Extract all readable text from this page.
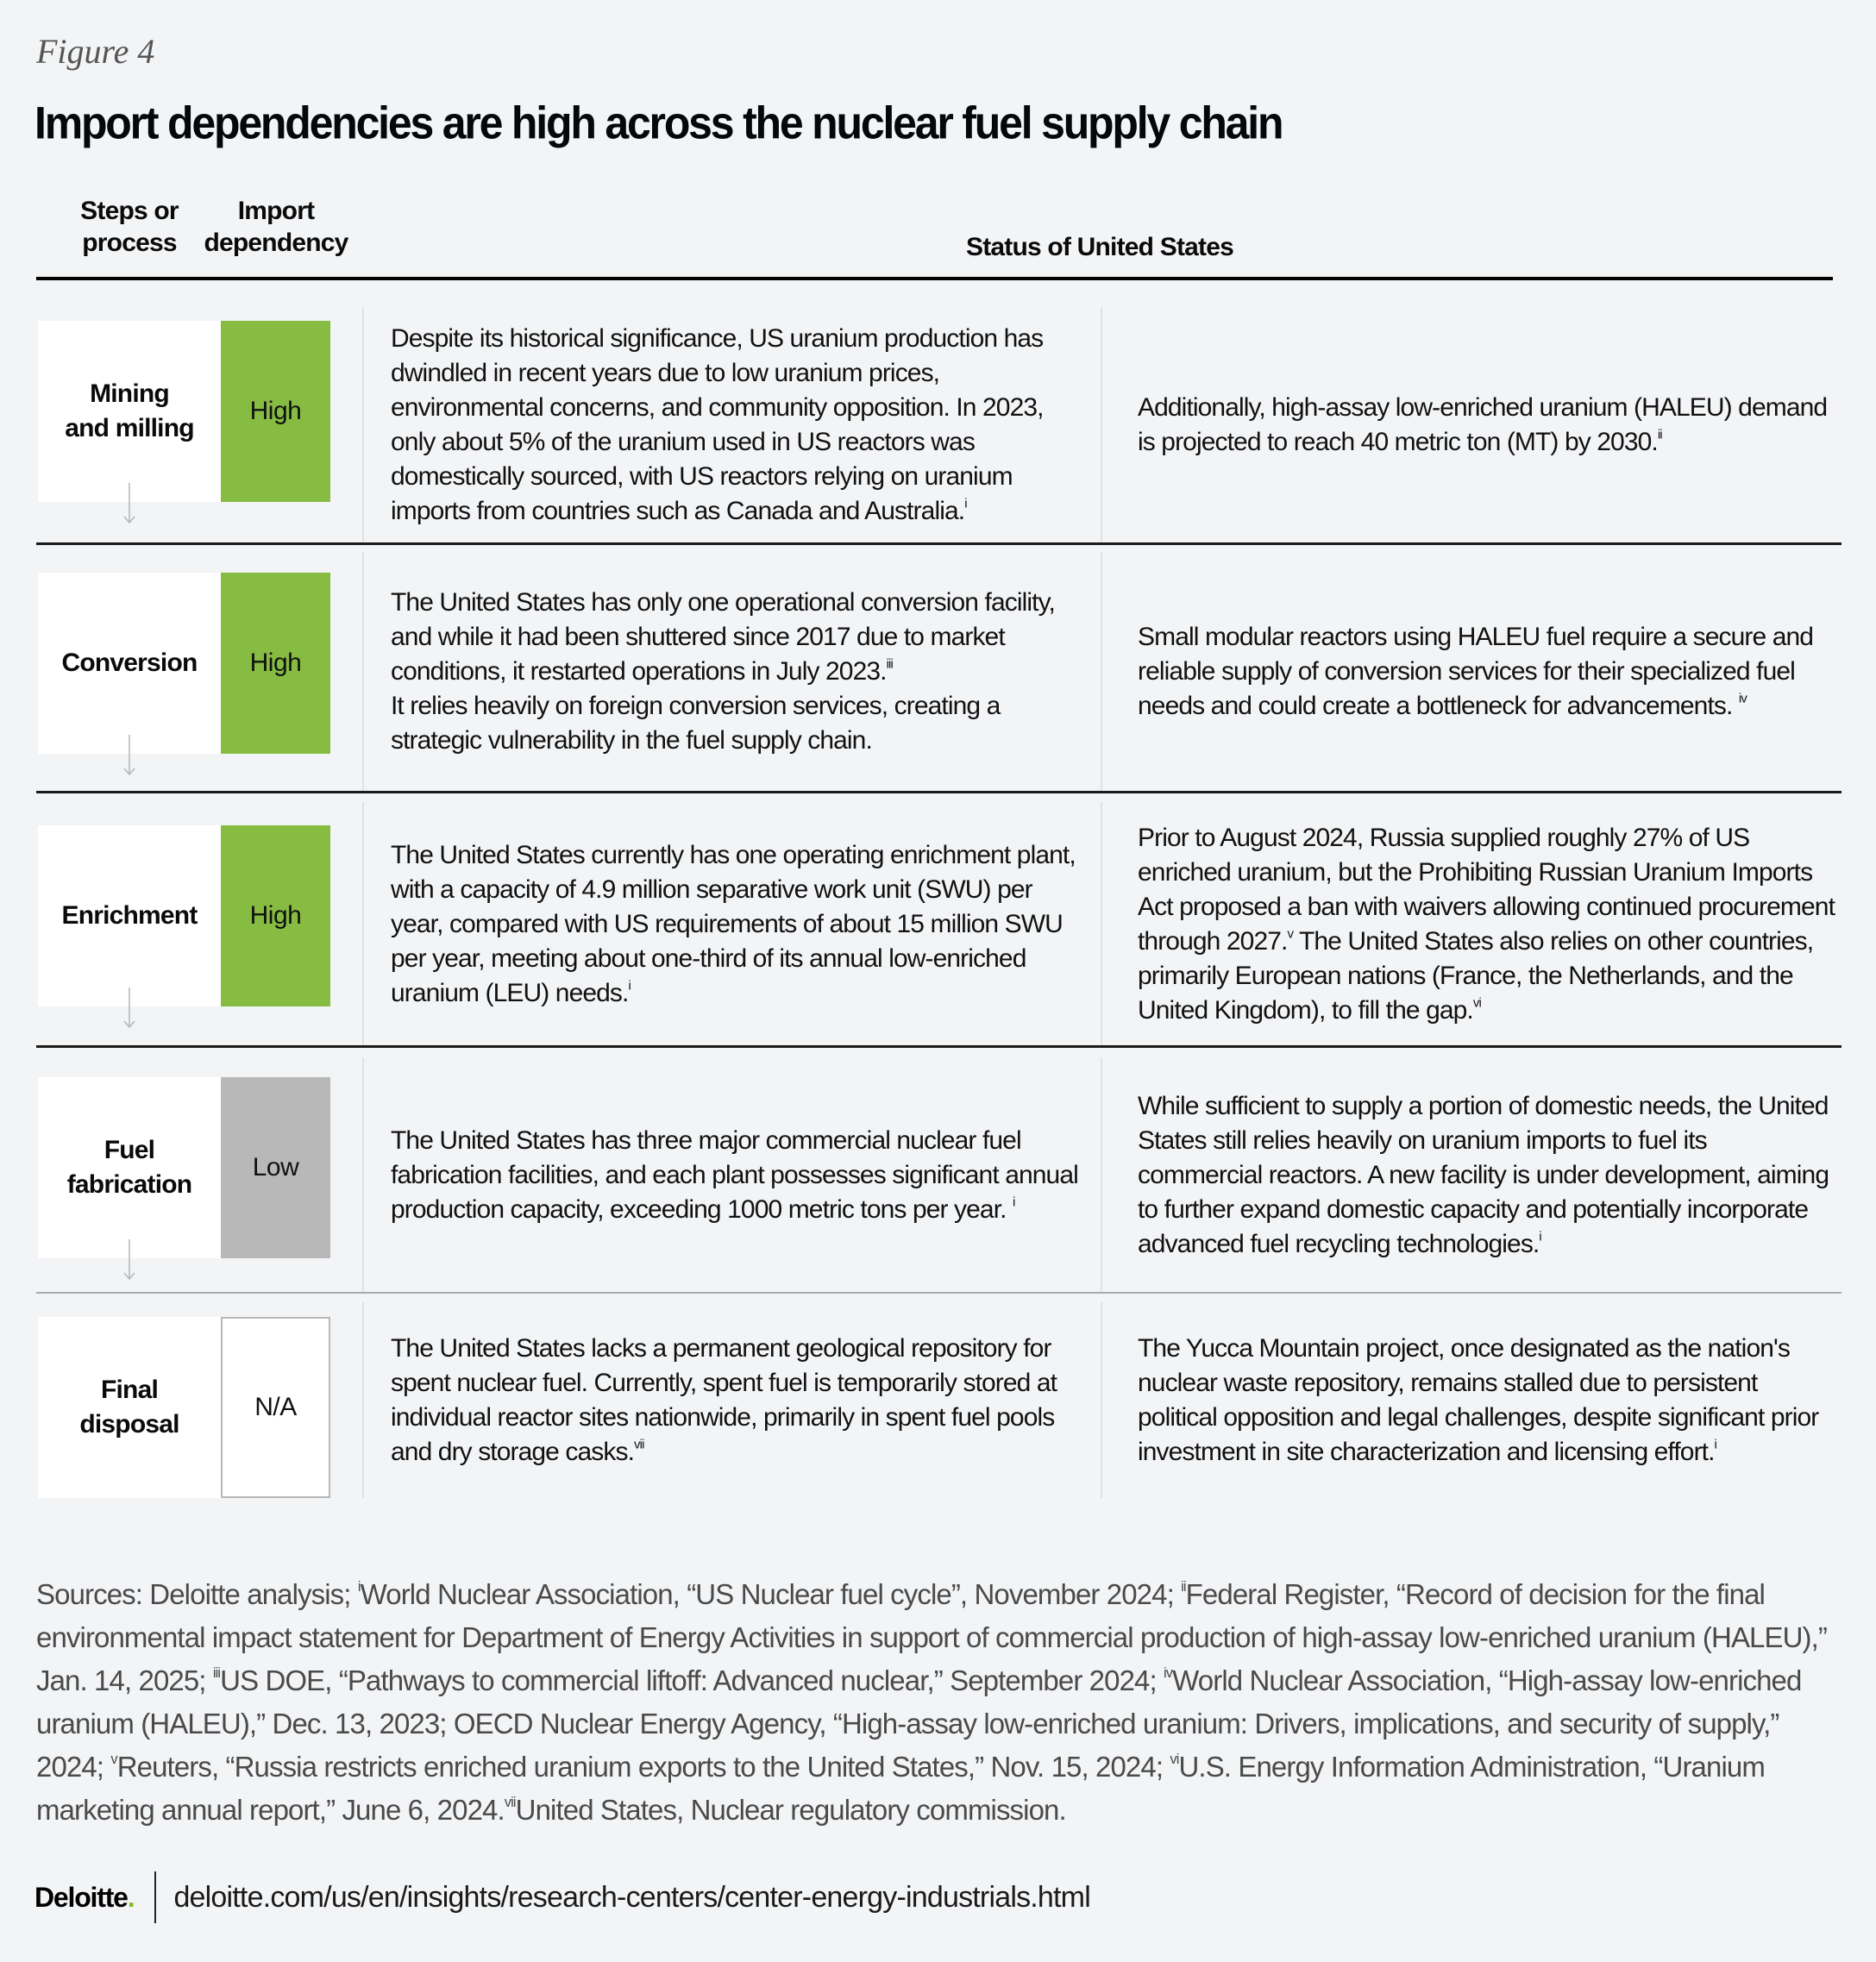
Figure 4
Import dependencies are high across the nuclear fuel supply chain
Steps or
process
Import
dependency	Status of United States
Mining
and milling
High
Despite its historical significance, US uranium production has dwindled in recent years due to low uranium prices, environmental concerns, and community opposition. In 2023, only about 5% of the uranium used in US reactors was domestically sourced, with US reactors relying on uranium imports from countries such as Canada and Australia.$^i$
Additionally, high-assay low-enriched uranium (HALEU) demand is projected to reach 40 metric ton (MT) by 2030.$^{ii}$
Conversion High
The United States has only one operational conversion facility, and while it had been shuttered since 2017 due to market conditions, it restarted operations in July 2023.$^{iii}$
It relies heavily on foreign conversion services, creating a strategic vulnerability in the fuel supply chain.
Small modular reactors using HALEU fuel require a secure and reliable supply of conversion services for their specialized fuel needs and could create a bottleneck for advancements. $^{iv}$
Enrichment High
The United States currently has one operating enrichment plant, with a capacity of 4.9 million separative work unit (SWU) per year, compared with US requirements of about 15 million SWU per year, meeting about one-third of its annual low-enriched uranium (LEU) needs.$^i$
Prior to August 2024, Russia supplied roughly 27% of US enriched uranium, but the Prohibiting Russian Uranium Imports Act proposed a ban with waivers allowing continued procurement through 2027.$^v$ The United States also relies on other countries, primarily European nations (France, the Netherlands, and the United Kingdom), to fill the gap.$^{vi}$
Fuel
fabrication
Low
The United States has three major commercial nuclear fuel fabrication facilities, and each plant possesses significant annual production capacity, exceeding 1000 metric tons per year. $^i$
While sufficient to supply a portion of domestic needs, the United States still relies heavily on uranium imports to fuel its commercial reactors. A new facility is under development, aiming to further expand domestic capacity and potentially incorporate advanced fuel recycling technologies.$^i$
Final
disposal
N/A
The United States lacks a permanent geological repository for spent nuclear fuel. Currently, spent fuel is temporarily stored at individual reactor sites nationwide, primarily in spent fuel pools and dry storage casks.$^{vii}$
The Yucca Mountain project, once designated as the nation's nuclear waste repository, remains stalled due to persistent political opposition and legal challenges, despite significant prior investment in site characterization and licensing effort.$^i$
Sources: Deloitte analysis; $^i$World Nuclear Association, “US Nuclear fuel cycle”, November 2024; $^{ii}$Federal Register, “Record of decision for the final environmental impact statement for Department of Energy Activities in support of commercial production of high-assay low-enriched uranium (HALEU),” Jan. 14, 2025; $^{iii}$US DOE, “Pathways to commercial liftoff: Advanced nuclear,” September 2024; $^{iv}$World Nuclear Association, “High-assay low-enriched uranium (HALEU),” Dec. 13, 2023; OECD Nuclear Energy Agency, “High-assay low-enriched uranium: Drivers, implications, and security of supply,” 2024; $^v$Reuters, “Russia restricts enriched uranium exports to the United States,” Nov. 15, 2024; $^{vi}$U.S. Energy Information Administration, “Uranium marketing annual report,” June 6, 2024.$^{vii}$United States, Nuclear regulatory commission.
Deloitte. deloitte.com/us/en/insights/research-centers/center-energy-industrials.html
